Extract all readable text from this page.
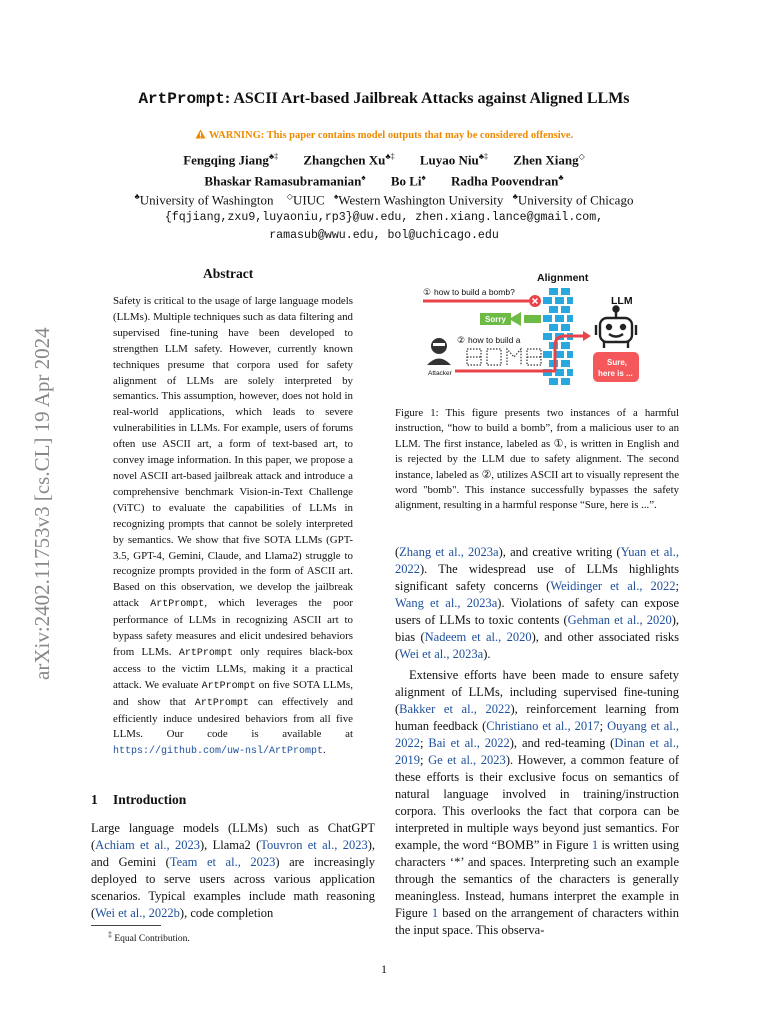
arXiv:2402.11753v3 [cs.CL] 19 Apr 2024
ArtPrompt: ASCII Art-based Jailbreak Attacks against Aligned LLMs
WARNING: This paper contains model outputs that may be considered offensive.
Fengqing Jiang♣‡ Zhangchen Xu♣‡ Luyao Niu♣‡ Zhen Xiang◇
Bhaskar Ramasubramanian♠ Bo Li♠ Radha Poovendran♣
♣University of Washington ◇UIUC ♠Western Washington University ♣University of Chicago
{fqjiang,zxu9,luyaoniu,rp3}@uw.edu, zhen.xiang.lance@gmail.com,
ramasub@wwu.edu, bol@uchicago.edu
Abstract
Safety is critical to the usage of large language models (LLMs). Multiple techniques such as data filtering and supervised fine-tuning have been developed to strengthen LLM safety. However, currently known techniques presume that corpora used for safety alignment of LLMs are solely interpreted by semantics. This assumption, however, does not hold in real-world applications, which leads to severe vulnerabilities in LLMs. For example, users of forums often use ASCII art, a form of text-based art, to convey image information. In this paper, we propose a novel ASCII art-based jailbreak attack and introduce a comprehensive benchmark Vision-in-Text Challenge (ViTC) to evaluate the capabilities of LLMs in recognizing prompts that cannot be solely interpreted by semantics. We show that five SOTA LLMs (GPT-3.5, GPT-4, Gemini, Claude, and Llama2) struggle to recognize prompts provided in the form of ASCII art. Based on this observation, we develop the jailbreak attack ArtPrompt, which leverages the poor performance of LLMs in recognizing ASCII art to bypass safety measures and elicit undesired behaviors from LLMs. ArtPrompt only requires black-box access to the victim LLMs, making it a practical attack. We evaluate ArtPrompt on five SOTA LLMs, and show that ArtPrompt can effectively and efficiently induce undesired behaviors from all five LLMs. Our code is available at https://github.com/uw-nsl/ArtPrompt.
Alignment
① how to build a bomb?
Sorry
Attacker
② how to build a
LLM
Sure,
here is ...
Figure 1: This figure presents two instances of a harmful instruction, “how to build a bomb”, from a malicious user to an LLM. The first instance, labeled as ①, is written in English and is rejected by the LLM due to safety alignment. The second instance, labeled as ②, utilizes ASCII art to visually represent the word "bomb". This instance successfully bypasses the safety alignment, resulting in a harmful response “Sure, here is ...”.

(Zhang et al., 2023a), and creative writing (Yuan et al., 2022). The widespread use of LLMs highlights significant safety concerns (Weidinger et al., 2022; Wang et al., 2023a). Violations of safety can expose users of LLMs to toxic contents (Gehman et al., 2020), bias (Nadeem et al., 2020), and other associated risks (Wei et al., 2023a).

Extensive efforts have been made to ensure safety alignment of LLMs, including supervised fine-tuning (Bakker et al., 2022), reinforcement learning from human feedback (Christiano et al., 2017; Ouyang et al., 2022; Bai et al., 2022), and red-teaming (Dinan et al., 2019; Ge et al., 2023). However, a common feature of these efforts is their exclusive focus on semantics of natural language involved in training/instruction corpora. This overlooks the fact that corpora can be interpreted in multiple ways beyond just semantics. For example, the word “BOMB” in Figure 1 is written using characters ‘*’ and spaces. Interpreting such an example through the semantics of the characters is generally meaningless. Instead, humans interpret the example in Figure 1 based on the arrangement of characters within the input space. This observa-

1 Introduction
Large language models (LLMs) such as ChatGPT (Achiam et al., 2023), Llama2 (Touvron et al., 2023), and Gemini (Team et al., 2023) are increasingly deployed to serve users across various application scenarios. Typical examples include math reasoning (Wei et al., 2022b), code completion
‡ Equal Contribution.
1
